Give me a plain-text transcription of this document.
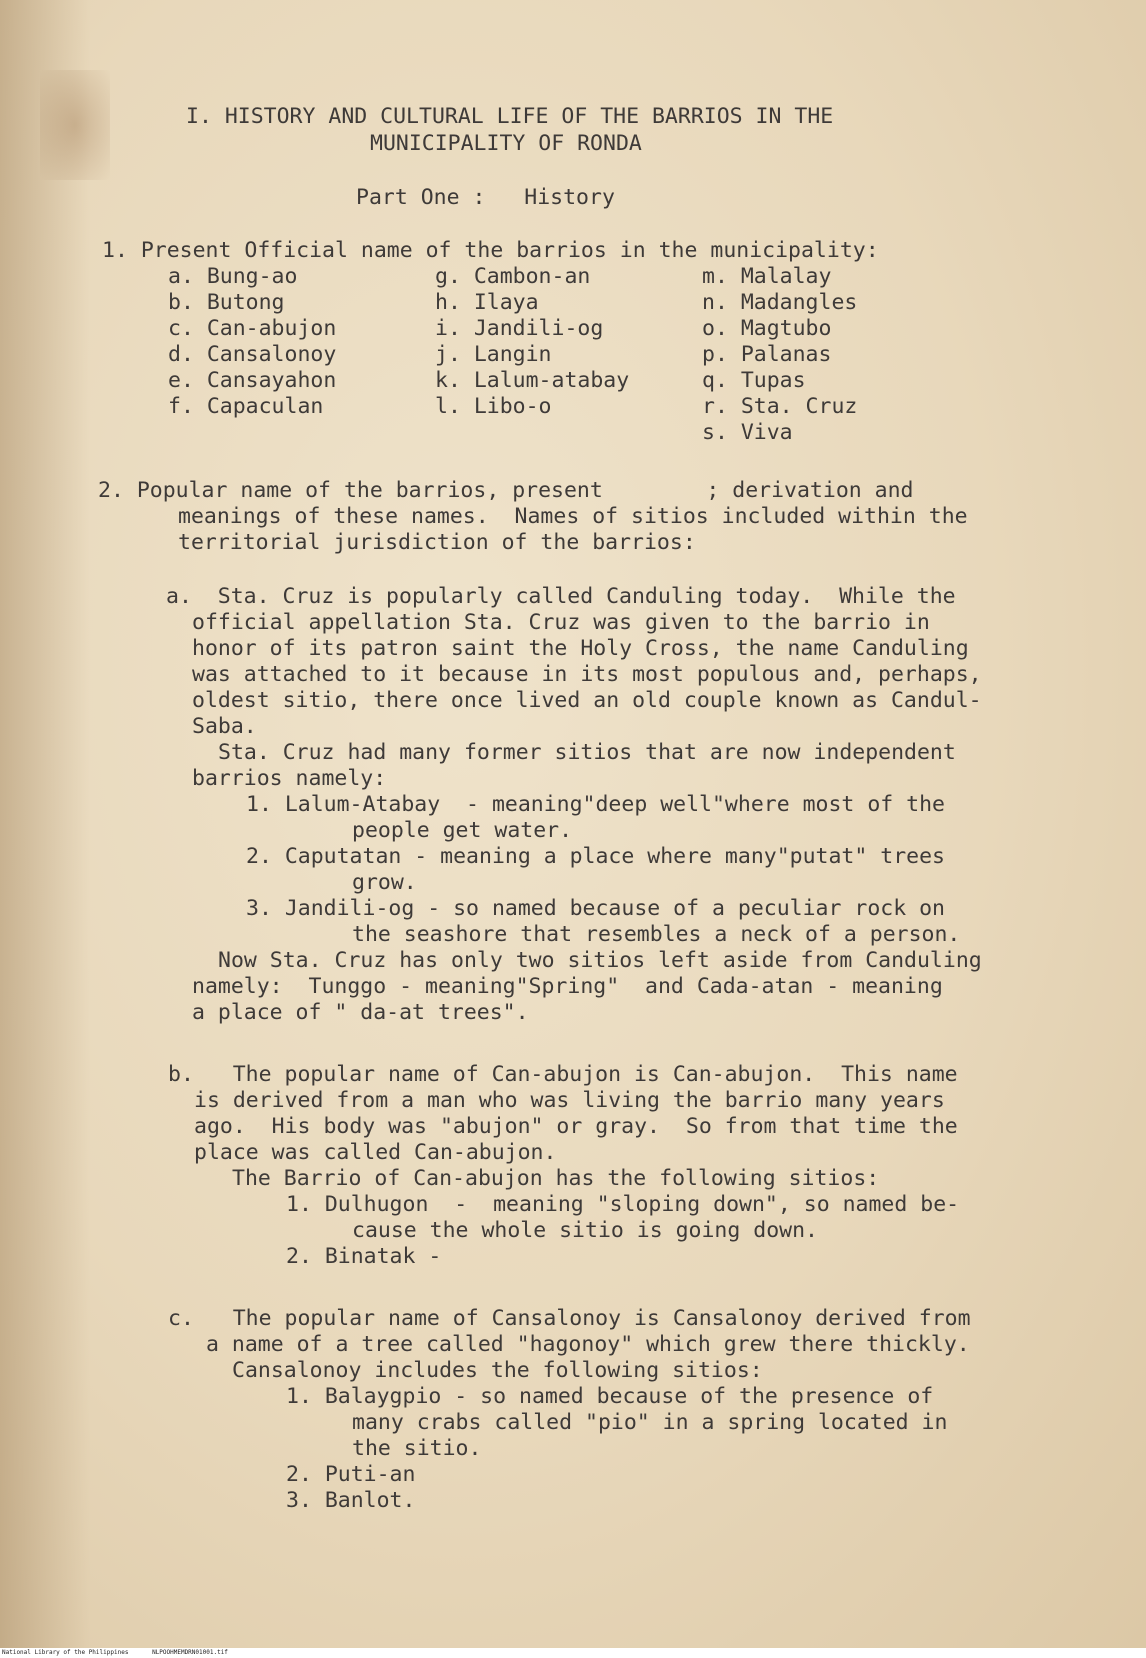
I. HISTORY AND CULTURAL LIFE OF THE BARRIOS IN THE
MUNICIPALITY OF RONDA
Part One :   History
1. Present Official name of the barrios in the municipality:
a. Bung-ao
b. Butong
c. Can-abujon
d. Cansalonoy
e. Cansayahon
f. Capaculan
g. Cambon-an
h. Ilaya
i. Jandili-og
j. Langin
k. Lalum-atabay
l. Libo-o
m. Malalay
n. Madangles
o. Magtubo
p. Palanas
q. Tupas
r. Sta. Cruz
s. Viva
2. Popular name of the barrios, present        ; derivation and
meanings of these names.  Names of sitios included within the
territorial jurisdiction of the barrios:
a.  Sta. Cruz is popularly called Canduling today.  While the
official appellation Sta. Cruz was given to the barrio in
honor of its patron saint the Holy Cross, the name Canduling
was attached to it because in its most populous and, perhaps,
oldest sitio, there once lived an old couple known as Candul-
Saba.
Sta. Cruz had many former sitios that are now independent
barrios namely:
1. Lalum-Atabay  - meaning"deep well"where most of the
people get water.
2. Caputatan - meaning a place where many"putat" trees
grow.
3. Jandili-og - so named because of a peculiar rock on
the seashore that resembles a neck of a person.
Now Sta. Cruz has only two sitios left aside from Canduling
namely:  Tunggo - meaning"Spring"  and Cada-atan - meaning
a place of " da-at trees".
b.   The popular name of Can-abujon is Can-abujon.  This name
is derived from a man who was living the barrio many years
ago.  His body was "abujon" or gray.  So from that time the
place was called Can-abujon.
The Barrio of Can-abujon has the following sitios:
1. Dulhugon  -  meaning "sloping down", so named be-
cause the whole sitio is going down.
2. Binatak -
c.   The popular name of Cansalonoy is Cansalonoy derived from
a name of a tree called "hagonoy" which grew there thickly.
Cansalonoy includes the following sitios:
1. Balaygpio - so named because of the presence of
many crabs called "pio" in a spring located in
the sitio.
2. Puti-an
3. Banlot.
National Library of the Philippines	NLPOOHMEMDRN01001.tif
